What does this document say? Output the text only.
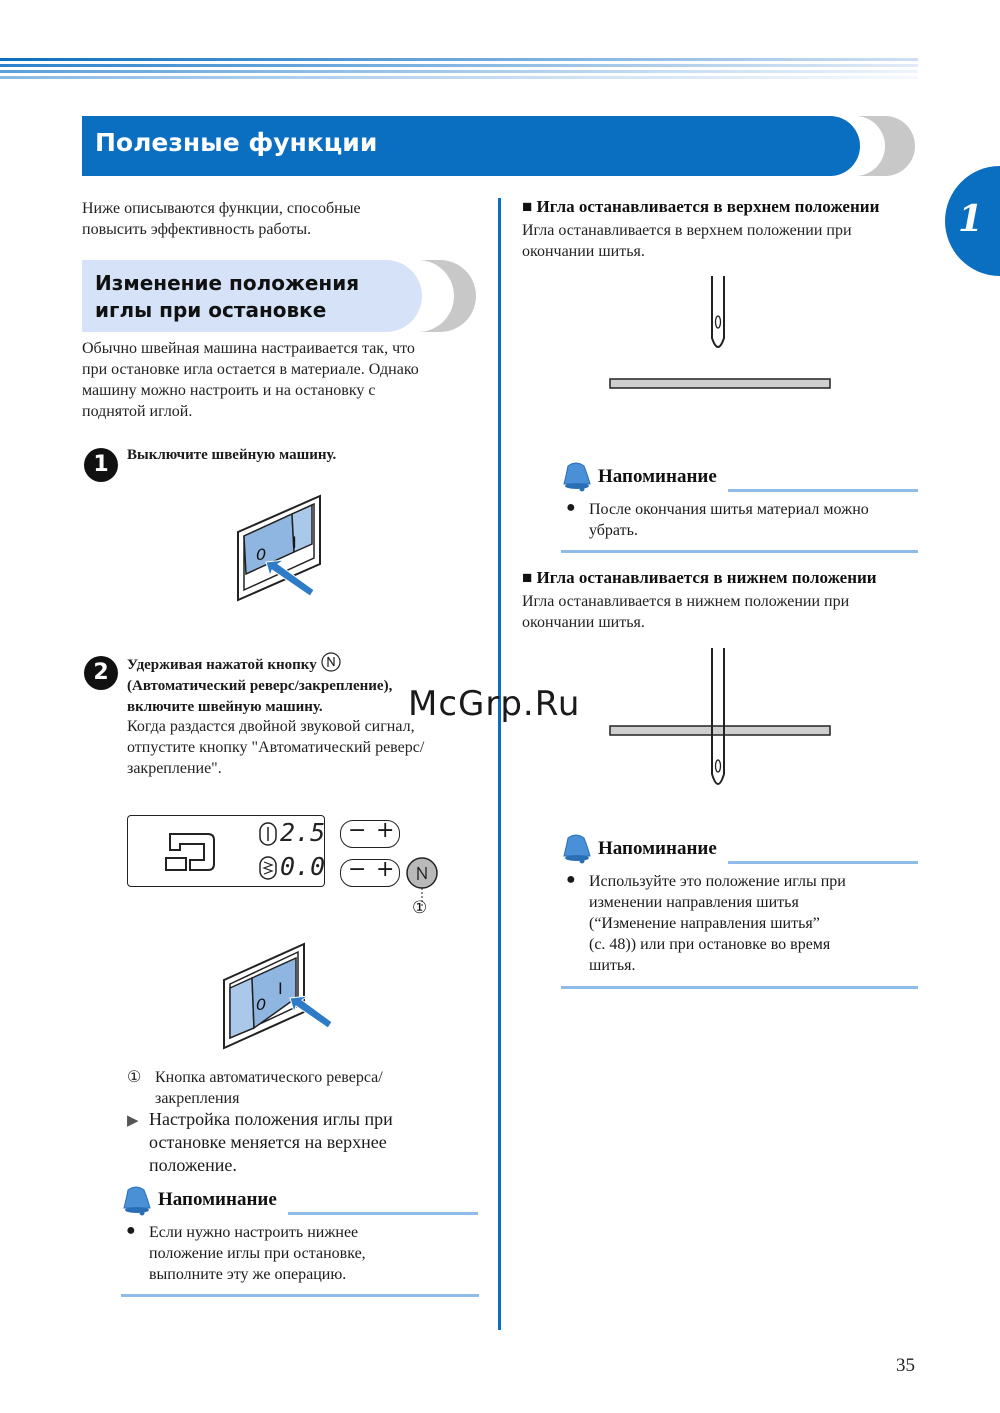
Полезные функции
1
Ниже описываются функции, способные
повысить эффективность работы.
Изменение положения
иглы при остановке
Обычно швейная машина настраивается так, что
при остановке игла остается в материале. Однако
машину можно настроить и на остановку с
поднятой иглой.
1	Выключите швейную машину.
0
I
2	Удерживая нажатой кнопку
(Автоматический реверс/закрепление),
включите швейную машину.
Когда раздастся двойной звуковой сигнал,
отпустите кнопку "Автоматический реверс/
закрепление".
2.5
0.0
− +
− +
①
0
I
① Кнопка автоматического реверса/
закрепления
▶ Настройка положения иглы при
остановке меняется на верхнее
положение.
Напоминание
● Если нужно настроить нижнее
положение иглы при остановке,
выполните эту же операцию.
■ Игла останавливается в верхнем положении
Игла останавливается в верхнем положении при
окончании шитья.
Напоминание
● После окончания шитья материал можно
убрать.
■ Игла останавливается в нижнем положении
Игла останавливается в нижнем положении при
окончании шитья.
Напоминание
● Используйте это положение иглы при
изменении направления шитья
(“Изменение направления шитья”
(с. 48)) или при остановке во время
шитья.
McGrp.Ru
35
